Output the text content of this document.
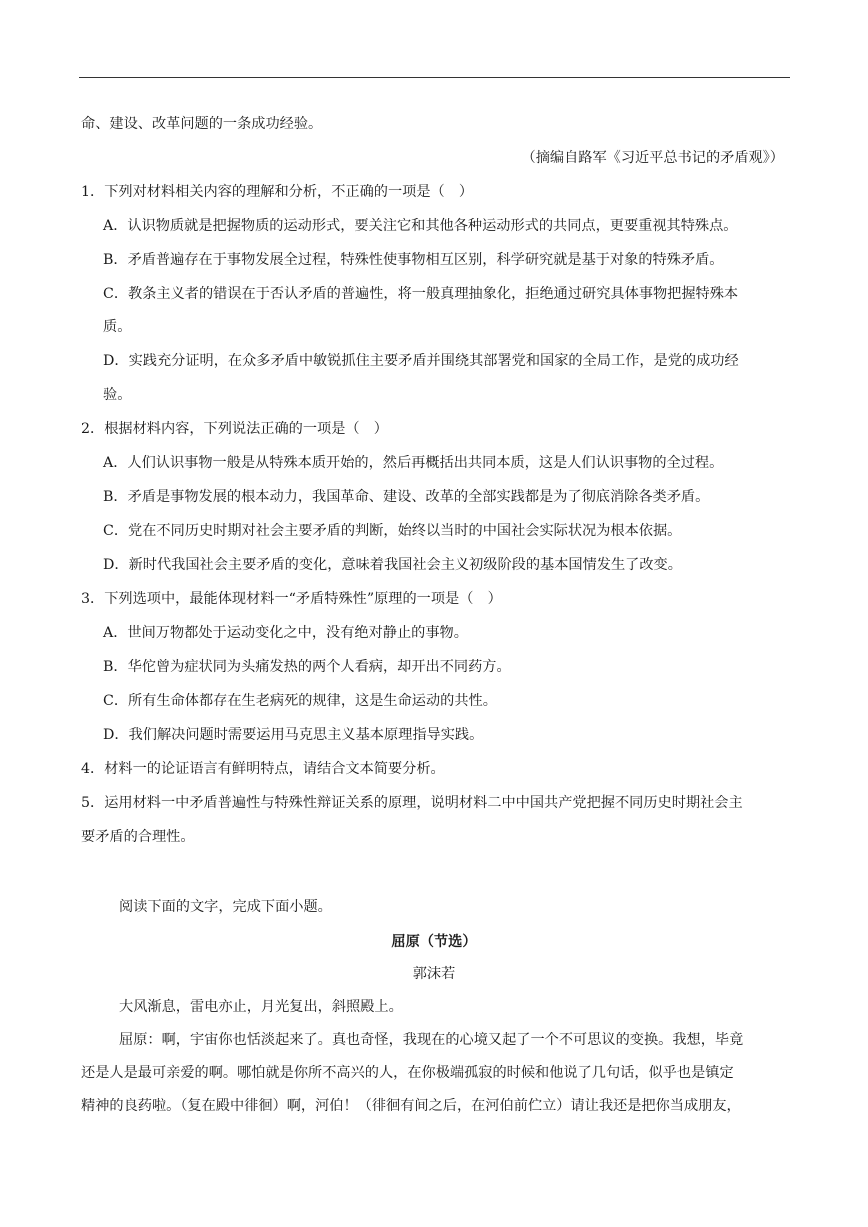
命、建设、改革问题的一条成功经验。
（摘编自路军《习近平总书记的矛盾观》）
1．下列对材料相关内容的理解和分析，不正确的一项是（　）
A．认识物质就是把握物质的运动形式，要关注它和其他各种运动形式的共同点，更要重视其特殊点。
B．矛盾普遍存在于事物发展全过程，特殊性使事物相互区别，科学研究就是基于对象的特殊矛盾。
C．教条主义者的错误在于否认矛盾的普遍性，将一般真理抽象化，拒绝通过研究具体事物把握特殊本
质。
D．实践充分证明，在众多矛盾中敏锐抓住主要矛盾并围绕其部署党和国家的全局工作，是党的成功经
验。
2．根据材料内容，下列说法正确的一项是（　）
A．人们认识事物一般是从特殊本质开始的，然后再概括出共同本质，这是人们认识事物的全过程。
B．矛盾是事物发展的根本动力，我国革命、建设、改革的全部实践都是为了彻底消除各类矛盾。
C．党在不同历史时期对社会主要矛盾的判断，始终以当时的中国社会实际状况为根本依据。
D．新时代我国社会主要矛盾的变化，意味着我国社会主义初级阶段的基本国情发生了改变。
3．下列选项中，最能体现材料一“矛盾特殊性”原理的一项是（　）
A．世间万物都处于运动变化之中，没有绝对静止的事物。
B．华佗曾为症状同为头痛发热的两个人看病，却开出不同药方。
C．所有生命体都存在生老病死的规律，这是生命运动的共性。
D．我们解决问题时需要运用马克思主义基本原理指导实践。
4．材料一的论证语言有鲜明特点，请结合文本简要分析。
5．运用材料一中矛盾普遍性与特殊性辩证关系的原理，说明材料二中中国共产党把握不同历史时期社会主
要矛盾的合理性。
阅读下面的文字，完成下面小题。
屈原（节选）
郭沫若
大风渐息，雷电亦止，月光复出，斜照殿上。
屈原：啊，宇宙你也恬淡起来了。真也奇怪，我现在的心境又起了一个不可思议的变换。我想，毕竟
还是人是最可亲爱的啊。哪怕就是你所不高兴的人，在你极端孤寂的时候和他说了几句话，似乎也是镇定
精神的良药啦。（复在殿中徘徊）啊，河伯！（徘徊有间之后，在河伯前伫立）请让我还是把你当成朋友，
